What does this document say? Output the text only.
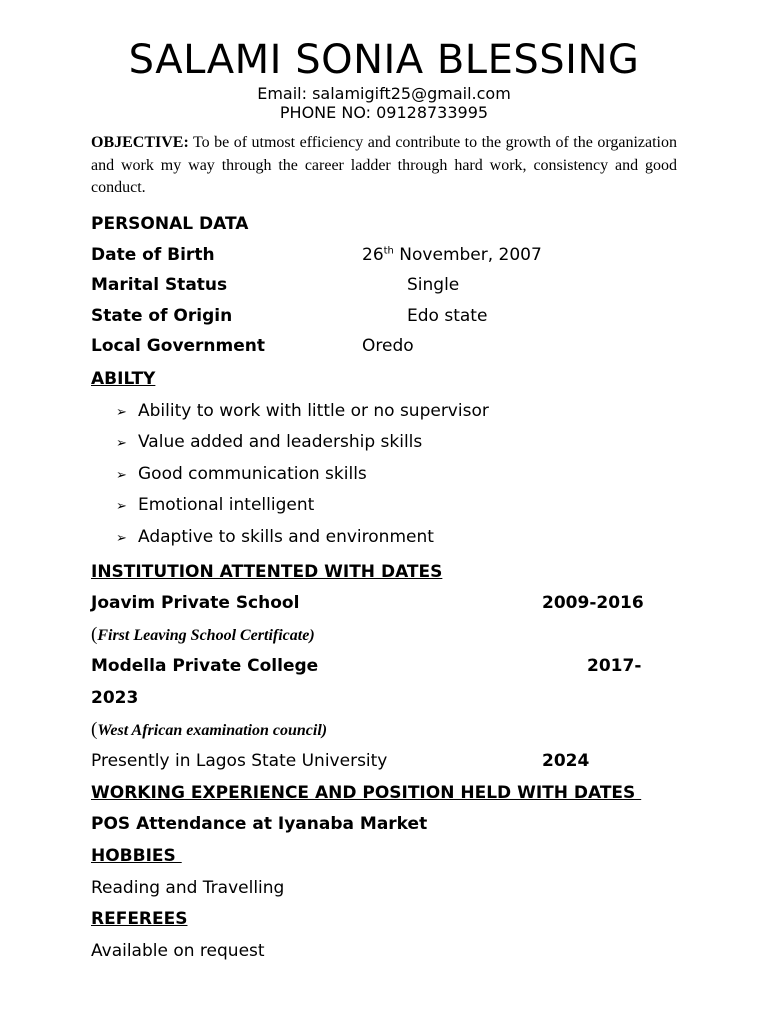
SALAMI SONIA BLESSING
Email: salamigift25@gmail.com
PHONE NO: 09128733995
OBJECTIVE: To be of utmost efficiency and contribute to the growth of the organization and work my way through the career ladder through hard work, consistency and good conduct.
PERSONAL DATA
Date of Birth	26th November, 2007
Marital Status	Single
State of Origin	Edo state
Local Government	Oredo
ABILTY
➢ Ability to work with little or no supervisor
➢ Value added and leadership skills
➢ Good communication skills
➢ Emotional intelligent
➢ Adaptive to skills and environment
INSTITUTION ATTENTED WITH DATES
Joavim Private School	2009-2016
(First Leaving School Certificate)
Modella Private College	2017-
2023
(West African examination council)
Presently in Lagos State University	2024
WORKING EXPERIENCE AND POSITION HELD WITH DATES
POS Attendance at Iyanaba Market
HOBBIES
Reading and Travelling
REFEREES
Available on request
